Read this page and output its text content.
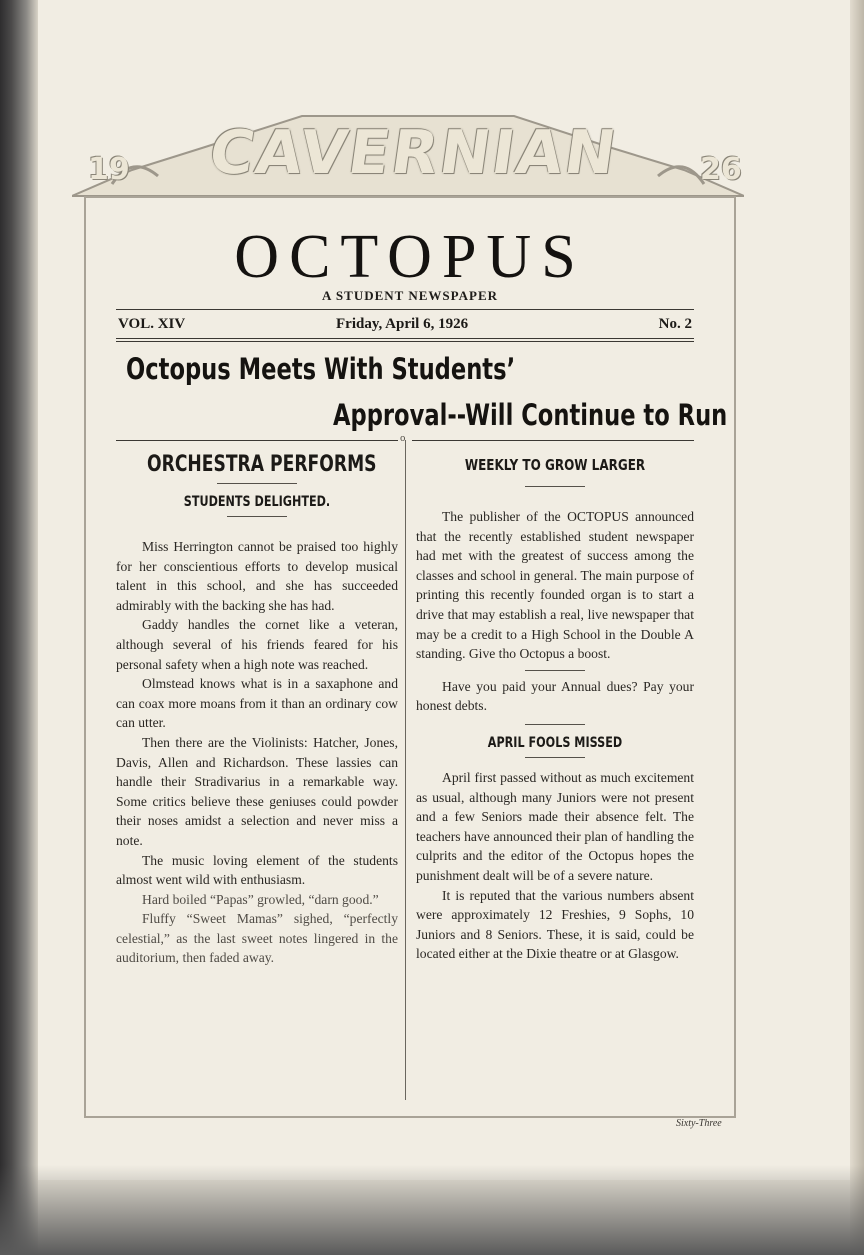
19 CAVERNIAN	26
OCTOPUS
A STUDENT NEWSPAPER
VOL. XIV	Friday, April 6, 1926	No. 2
Octopus Meets With Students’
Approval--Will Continue to Run
o
ORCHESTRA PERFORMS
STUDENTS DELIGHTED.

Miss Herrington cannot be praised too highly for her conscientious efforts to develop musical talent in this school, and she has succeeded admirably with the backing she has had.

Gaddy handles the cornet like a veteran, although several of his friends feared for his personal safety when a high note was reached.

Olmstead knows what is in a saxaphone and can coax more moans from it than an ordinary cow can utter.

Then there are the Violinists: Hatcher, Jones, Davis, Allen and Richardson. These lassies can handle their Stradivarius in a remarkable way. Some critics believe these geniuses could powder their noses amidst a selection and never miss a note.

The music loving element of the students almost went wild with enthusiasm.

Hard boiled “Papas” growled, “darn good.”

Fluffy “Sweet Mamas” sighed, “perfectly celestial,” as the last sweet notes lingered in the auditorium, then faded away.

WEEKLY TO GROW LARGER

The publisher of the OCTOPUS announced that the recently established student newspaper had met with the greatest of success among the classes and school in general. The main purpose of printing this recently founded organ is to start a drive that may establish a real, live newspaper that may be a credit to a High School in the Double A standing. Give tho Octopus a boost.

Have you paid your Annual dues? Pay your honest debts.

APRIL FOOLS MISSED

April first passed without as much excitement as usual, although many Juniors were not present and a few Seniors made their absence felt. The teachers have announced their plan of handling the culprits and the editor of the Octopus hopes the punishment dealt will be of a severe nature.

It is reputed that the various numbers absent were approximately 12 Freshies, 9 Sophs, 10 Juniors and 8 Seniors. These, it is said, could be located either at the Dixie theatre or at Glasgow.

Sixty-Three
